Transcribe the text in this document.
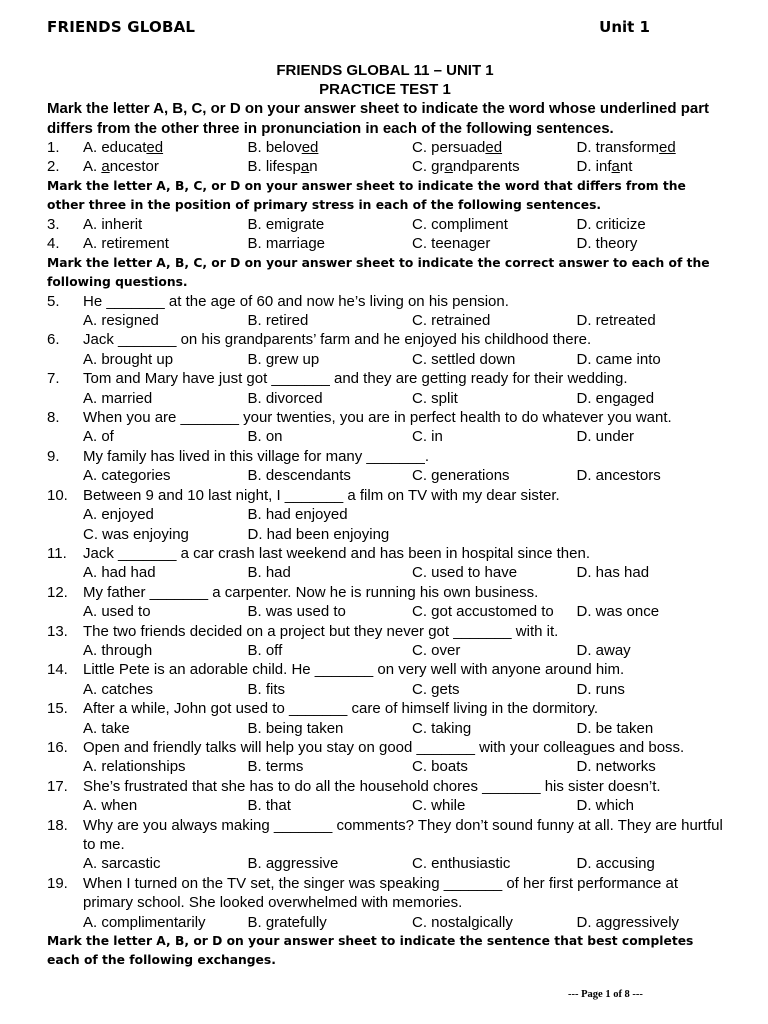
FRIENDS GLOBAL	Unit 1
FRIENDS GLOBAL 11 – UNIT 1
PRACTICE TEST 1
Mark the letter A, B, C, or D on your answer sheet to indicate the word whose underlined part differs from the other three in pronunciation in each of the following sentences.
1.	A. educated	B. beloved	C. persuaded	D. transformed
2.	A. ancestor	B. lifespan	C. grandparents	D. infant
Mark the letter A, B, C, or D on your answer sheet to indicate the word that differs from the other three in the position of primary stress in each of the following sentences.
3.	A. inherit	B. emigrate	C. compliment	D. criticize
4.	A. retirement	B. marriage	C. teenager	D. theory
Mark the letter A, B, C, or D on your answer sheet to indicate the correct answer to each of the following questions.
5.	He _______ at the age of 60 and now he’s living on his pension.
A. resigned	B. retired	C. retrained	D. retreated
6.	Jack _______ on his grandparents’ farm and he enjoyed his childhood there.
A. brought up	B. grew up	C. settled down	D. came into
7.	Tom and Mary have just got _______ and they are getting ready for their wedding.
A. married	B. divorced	C. split	D. engaged
8.	When you are _______ your twenties, you are in perfect health to do whatever you want.
A. of	B. on	C. in	D. under
9.	My family has lived in this village for many _______.
A. categories	B. descendants	C. generations	D. ancestors
10.	Between 9 and 10 last night, I _______ a film on TV with my dear sister.
A. enjoyed	B. had enjoyed
C. was enjoying	D. had been enjoying
11.	Jack _______ a car crash last weekend and has been in hospital since then.
A. had had	B. had	C. used to have	D. has had
12.	My father _______ a carpenter. Now he is running his own business.
A. used to	B. was used to	C. got accustomed to	D. was once
13.	The two friends decided on a project but they never got _______ with it.
A. through	B. off	C. over	D. away
14.	Little Pete is an adorable child. He _______ on very well with anyone around him.
A. catches	B. fits	C. gets	D. runs
15.	After a while, John got used to _______ care of himself living in the dormitory.
A. take	B. being taken	C. taking	D. be taken
16.	Open and friendly talks will help you stay on good _______ with your colleagues and boss.
A. relationships	B. terms	C. boats	D. networks
17.	She’s frustrated that she has to do all the household chores _______ his sister doesn’t.
A. when	B. that	C. while	D. which
18.	Why are you always making _______ comments? They don’t sound funny at all. They are hurtful to me.
A. sarcastic	B. aggressive	C. enthusiastic	D. accusing
19.	When I turned on the TV set, the singer was speaking _______ of her first performance at primary school. She looked overwhelmed with memories.
A. complimentarily	B. gratefully	C. nostalgically	D. aggressively
Mark the letter A, B, or D on your answer sheet to indicate the sentence that best completes each of the following exchanges.
--- Page 1 of 8 ---
